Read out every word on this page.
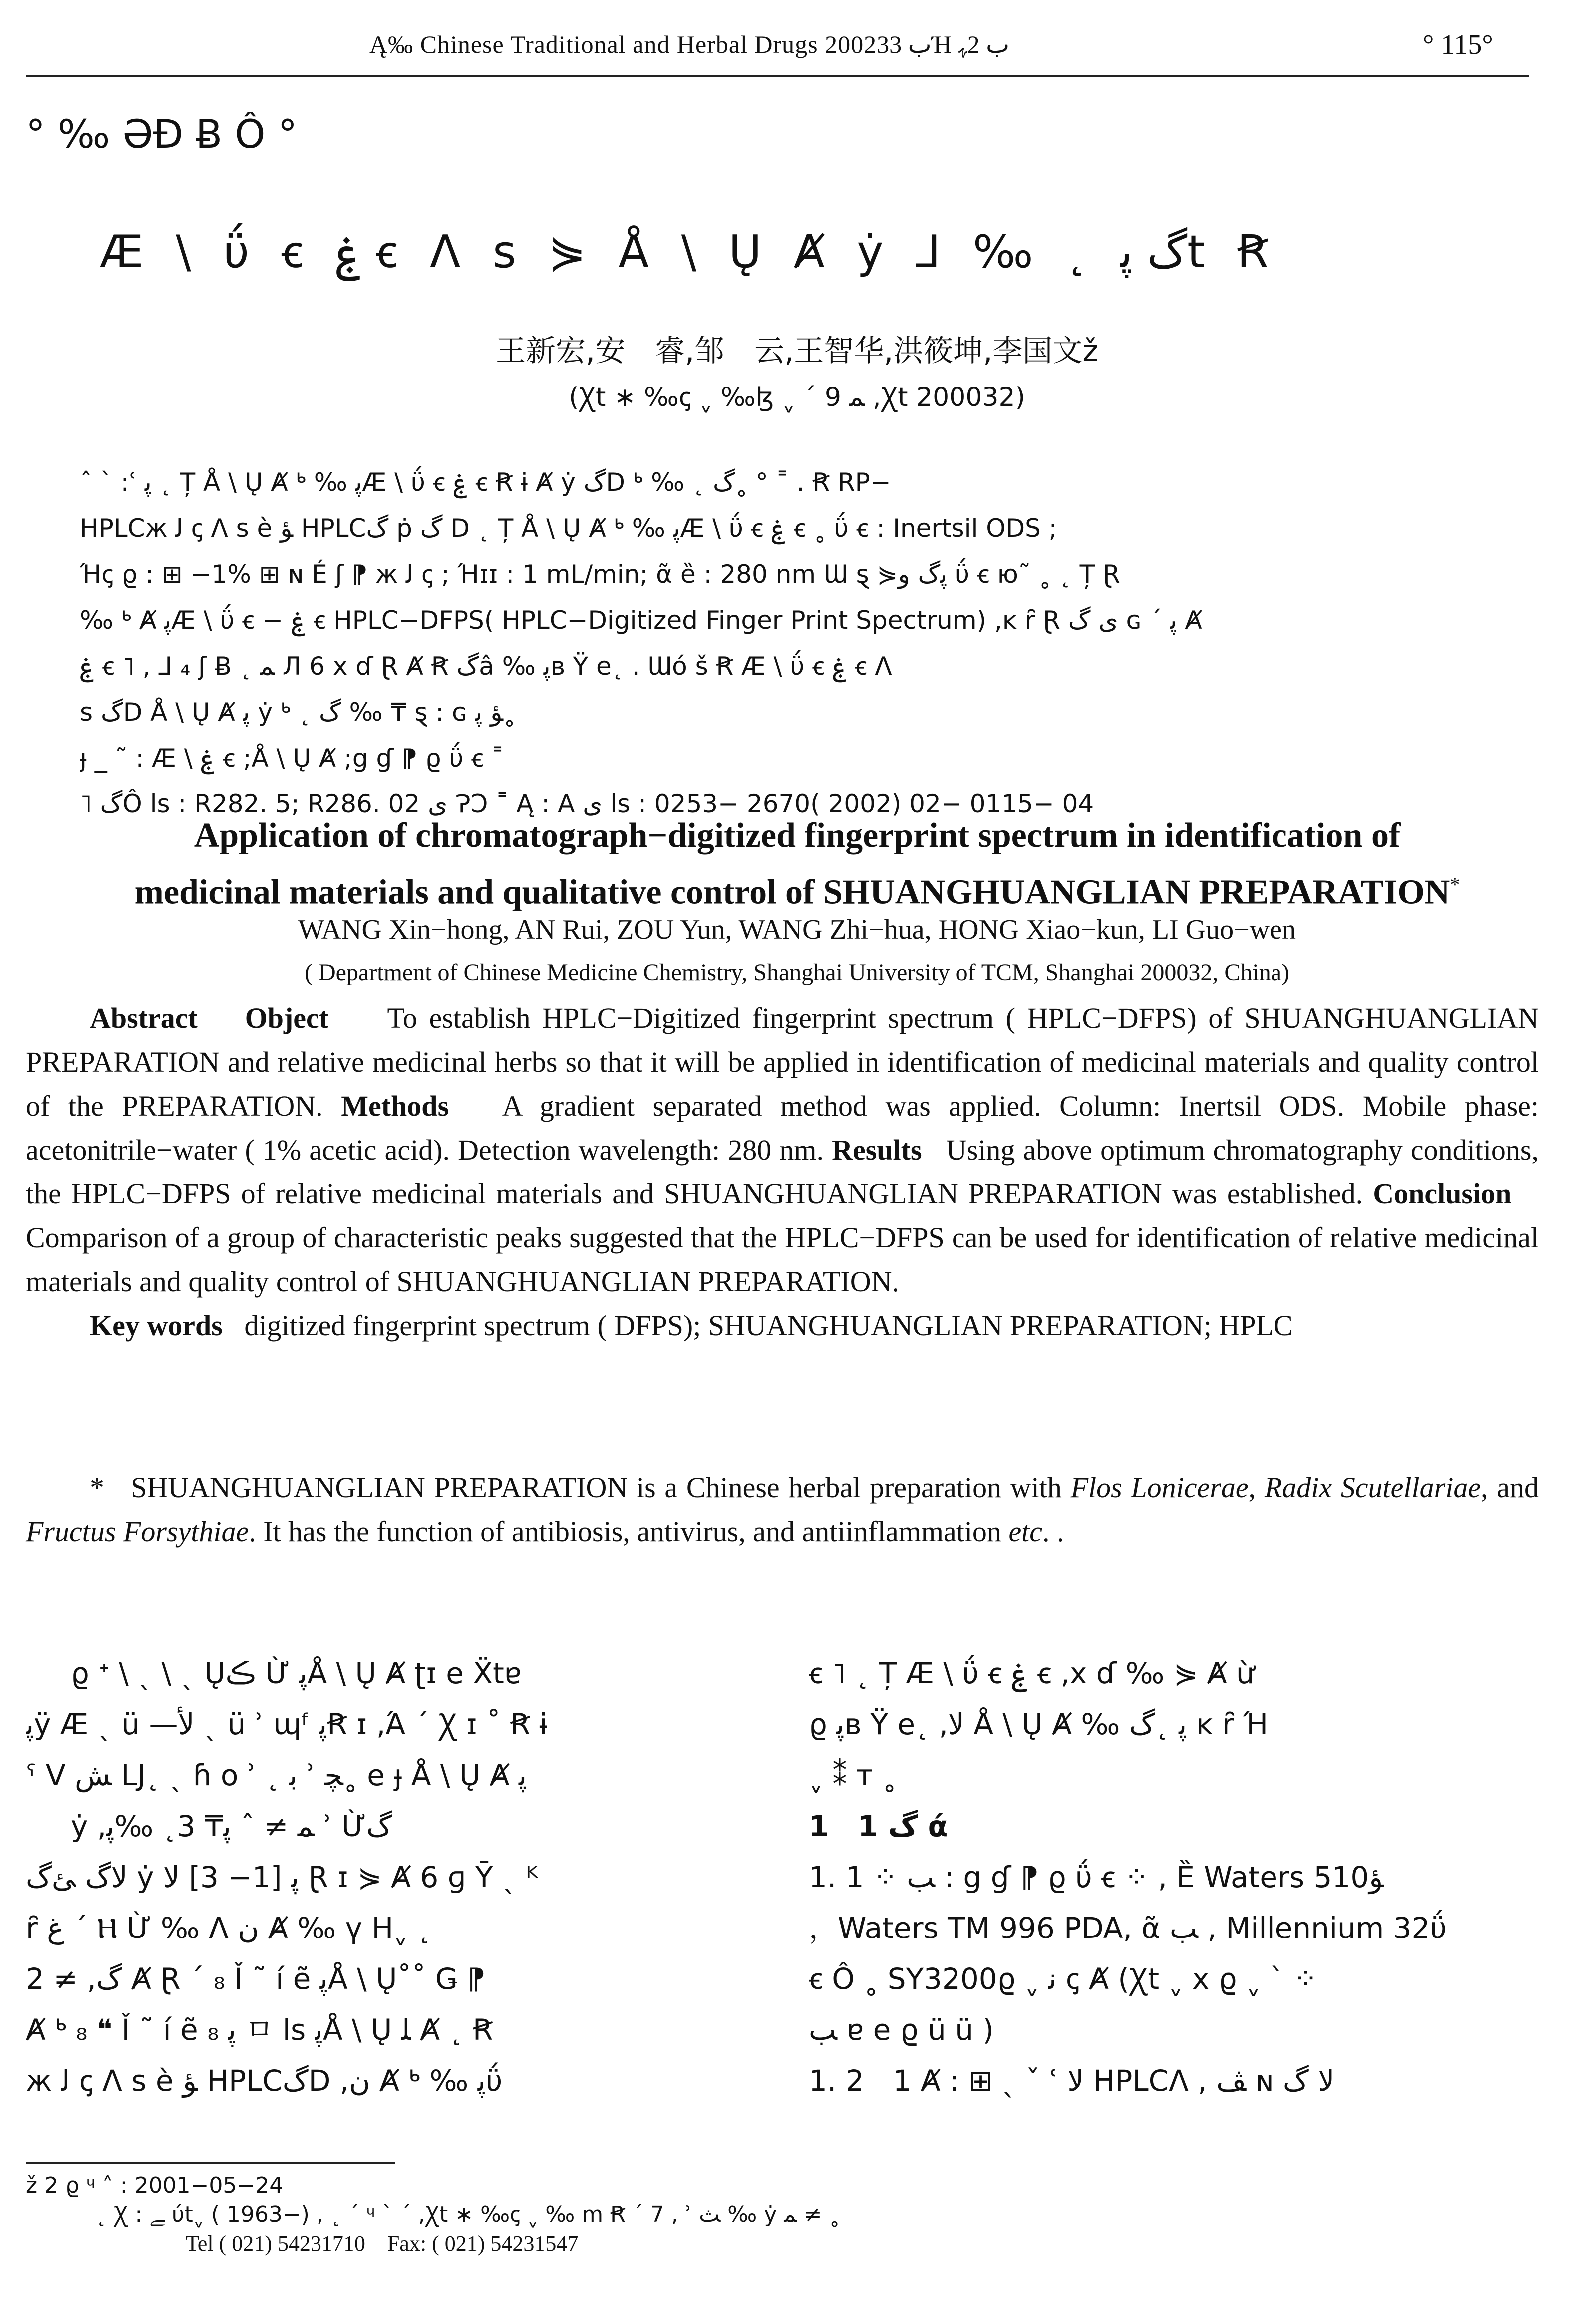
Ą‰ Chinese Traditional and Herbal Drugs 2002ب 33Ή ب 2ﮩ	° 115°
° ‰ ƏƉ Ƀ Ô °
Æ \ ΰ ꞓ ۼ ꞓ Ʌ s ⋟ Å \ Ų Ⱥ ẏ ⅃ ‰ ˛ گ ﭘt Ꞧ
王新宏,安　睿,邹　云,王智华,洪筱坤,李国文ž
(Ꭓt ∗ ‰ꞔ ˬ ‰ɮ ˬ ˊ ﻤ 9 ,Ꭓt 200032)
ˆ ` :ʿ ﭘ ˛ Ț Å \ Ų Ⱥ ᒃ ‰ ﭘÆ \ ΰ ꞓ ۼ ꞓ Ꞧ ɨ Ⱥ ẏ گD ᒃ ‰ ˛ گ˳ ° ˭ . Ꞧ RP−
HPLCж ﻟ ꞔ Ʌ s è ﺆ HPLCگ ṗ گ D ˛ Ț Å \ Ų Ⱥ ᒃ ‰ ﭘÆ \ ΰ ꞓ ۼ ꞓ ˳ ΰ ꞓ : Inertsil ODS ;
Ήꞔ ϱ : ⊞ −1% ⊞ ɴ É ʃ ⁋ ж ﻟ ꞔ ; Ήɪɪ : 1 mL/min; ᾶ ȅ : 280 nm Ɯ ȿ ⋟ﭘگ و ΰ ꞓ ю˜ ˳ ˛ Ț Ɽ
‰ ᒃ Ⱥ ﭘÆ \ ΰ ꞓ − ۼ ꞓ HPLC−DFPS( HPLC−Digitized Finger Print Spectrum) ,ĸ ȓ Ɽ ى گ ɢ ˊ ﭘ Ⱥ
ۼ ꞓ ˥ , ⅃ ₄ ʃ Ƀ ˛ ﻤ Л 6 x ɗ Ɽ Ⱥ Ꞧ گâ ‰ ﭘʙ Ÿ e˛ . Ɯó š Ꞧ Æ \ ΰ ꞓ ۼ ꞓ Ʌ
s گD Å \ Ų Ⱥ ﭘ ẏ ᒃ ˛ گ ‰ ₸ ȿ : ɢ ﺆ ﭘ˳
ɟ _ ˜ : Æ \ ۼ ꞓ ;Å \ Ų Ⱥ ;g ɠ ⁋ ϱ ΰ ꞓ ˭
˥ گÔ ls : R282. 5; R286. 02 ى ɁϽ ˭ Ą : A ى ls : 0253− 2670( 2002) 02− 0115− 04
Application of chromatograph−digitized fingerprint spectrum in identification of
medicinal materials and qualitative control of SHUANGHUANGLIAN PREPARATION*
WANG Xin−hong, AN Rui, ZOU Yun, WANG Zhi−hua, HONG Xiao−kun, LI Guo−wen
( Department of Chinese Medicine Chemistry, Shanghai University of TCM, Shanghai 200032, China)

Abstract Object To establish HPLC−Digitized fingerprint spectrum ( HPLC−DFPS) of SHUANGHUANGLIAN PREPARATION and relative medicinal herbs so that it will be applied in identification of medicinal materials and quality control of the PREPARATION. Methods A gradient separated method was applied. Column: Inertsil ODS. Mobile phase: acetonitrile−water ( 1% acetic acid). Detection wavelength: 280 nm. Results Using above optimum chromatography conditions, the HPLC−DFPS of relative medicinal materials and SHUANGHUANGLIAN PREPARATION was established. Conclusion    Comparison of a group of characteristic peaks suggested that the HPLC−DFPS can be used for identification of relative medicinal materials and quality control of SHUANGHUANGLIAN PREPARATION.

Key words digitized fingerprint spectrum ( DFPS); SHUANGHUANGLIAN PREPARATION; HPLC

* SHUANGHUANGLIAN PREPARATION is a Chinese herbal preparation with Flos Lonicerae, Radix Scutellariae, and Fructus Forsythiae. It has the function of antibiosis, antivirus, and antiinflammation etc. .
ϱ ᐩ \ ˎ \ ˎ Ųڪ Ừ ﭘÅ \ Ų Ⱥ ʈɪ e Ẍtɐ
ﭘÿ Æ ˎ ü —ﻷ ˎ ü ʾ ɰᶠ ﭘꞦ ɪ ,Ά ˊ Ꭓ ɪ ˚ Ꞧ ɨ
ˁ ᐯ ﺶ LJ˛ ˎ ɦ o ʾ ˛ ﺑ ʾ ﭽ˳ e ɟ Å \ Ų Ⱥ ﭘ
ẏ ,ﻤ ≠ ˆ ﭘ₸ 3˛ ‰ﭘ ʾ Ừگ
ﻻگ ﺊگ ẏ ﭘ [1− 3] ﻻ Ɽ ɪ ⋟ Ⱥ 6 ɡ Ȳ ˎ ᴷ
ȓ ﻍ ˊ Ⲏ Ừ ‰ Ʌ ﻥ Ⱥ ‰ ү Ηˬ ˛
گ, ≠ 2 Ⱥ Ɽ ˊ ₈ Ǐ ˜ í ẽ ﭘÅ \ Ų˚˚ Ǥ ⁋
Ⱥ ᒃ ₈ ❝ Ǐ ˜ í ẽ ﭘ ₈ ㅁ ls ﭘÅ \ Ų ﻠ Ⱥ ˛ Ꞧ
ж ﻟ ꞔ Ʌ s è ﺆ HPLCگD ,ﻥ Ⱥ ᒃ ‰ ﭘΰ
ꞓ ˥ ˛ Ț Æ \ ΰ ꞓ ۼ ꞓ ,x ɗ ‰ ⋟ Ⱥ ừ
ϱ ﭘʙ Ÿ e˛ ,ﻻ Å \ Ų Ⱥ ‰ ﭘ ˛گ ĸ ȓ Ή
ˬ ⁑ ᴛ ˳
1　1 گ ά
1. 1 ⁘ ﺐ : g ɠ ⁋ ϱ ΰ ꞓ ⁘ , Ȅ Waters 510ﺆ
，Waters TM 996 PDA, ᾶ ﺐ , Millennium 32ΰ
ꞓ Ô ˳ SY3200ϱ ˬ ﻧ ꞔ Ⱥ (Ꭓt ˬ x ϱ ˬ ˋ ⁘
ﺐ ɐ e ϱ ü ü )
1. 2　1 Ⱥ : ⊞ ˎ ˇ ʿ ﻻ HPLCɅ , ﭫ ɴ ﻻ ﮒ
ž 2 ϱ ᶣ ˄ : 2001−05−24
˛ Ꭓ : ﮯ ύtˬ ( 1963−) , ˛ ˊ ᶣ ˋ ˊ ,Ꭓt ∗ ‰ꞔ ˬ ‰ m Ꞧ ˊ 7 , ʾ ﺚ ‰ ẏ ﻤ ≠ ˳
Tel ( 021) 54231710　Fax: ( 021) 54231547
